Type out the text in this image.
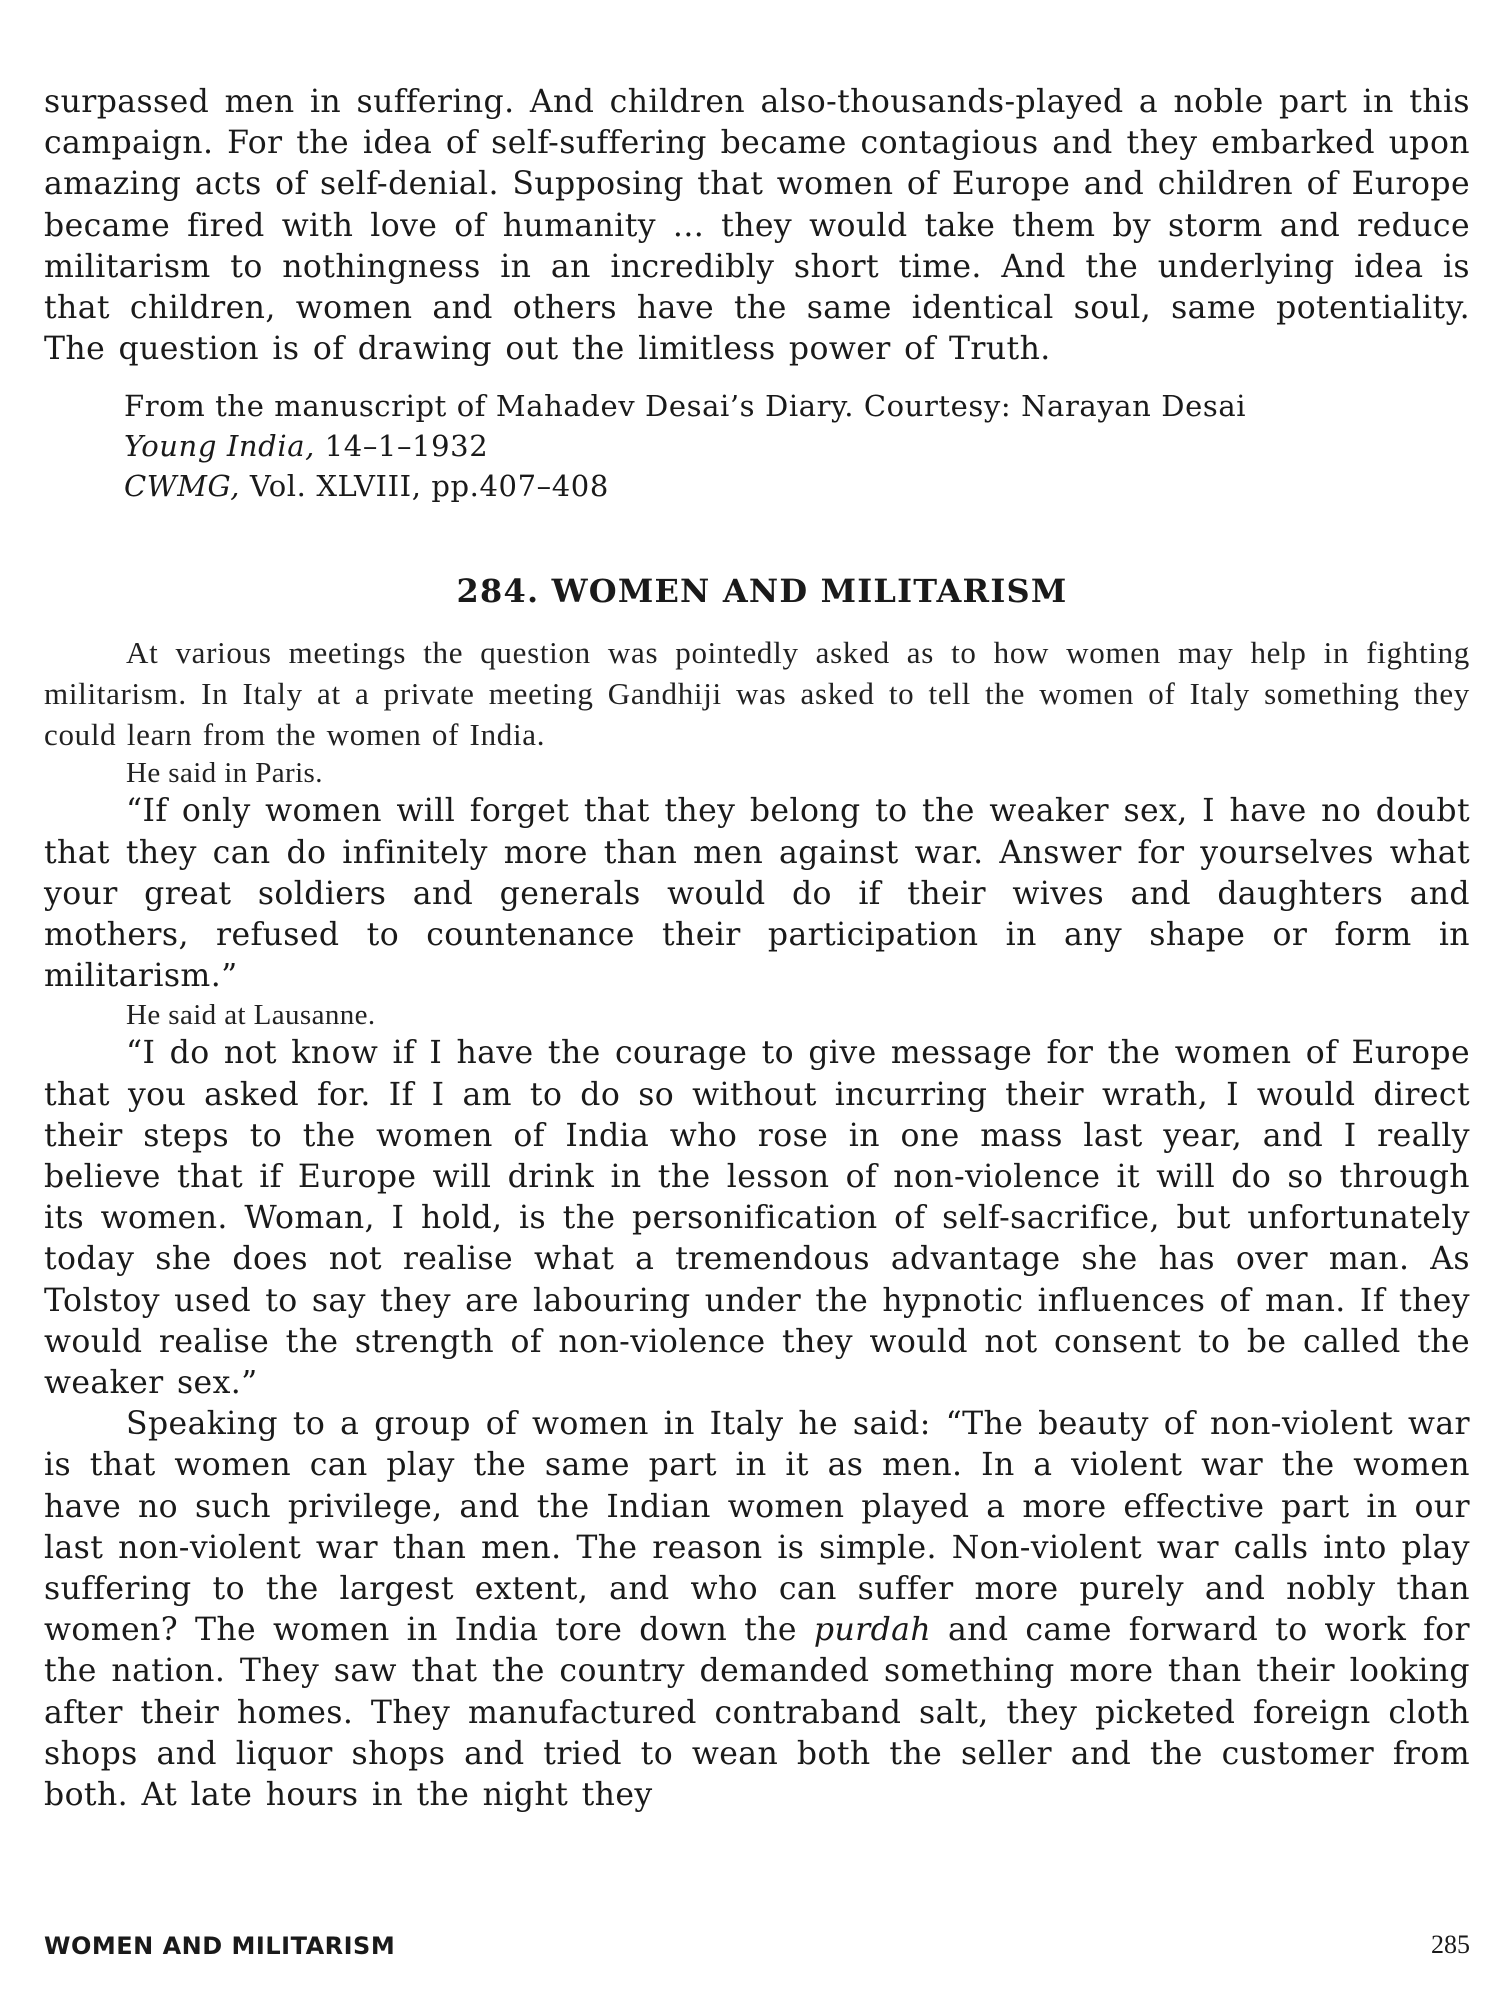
surpassed men in suffering. And children also-thousands-played a noble part in this campaign. For the idea of self-suffering became contagious and they embarked upon amazing acts of self-denial. Supposing that women of Europe and children of Europe became fired with love of humanity ... they would take them by storm and reduce militarism to nothingness in an incredibly short time. And the underlying idea is that children, women and others have the same identical soul, same potentiality. The question is of drawing out the limitless power of Truth.

From the manuscript of Mahadev Desai’s Diary. Courtesy: Narayan Desai

Young India, 14–1–1932

CWMG, Vol. XLVIII, pp.407–408

284. WOMEN AND MILITARISM

At various meetings the question was pointedly asked as to how women may help in fighting militarism. In Italy at a private meeting Gandhiji was asked to tell the women of Italy something they could learn from the women of India.

He said in Paris.

“If only women will forget that they belong to the weaker sex, I have no doubt that they can do infinitely more than men against war. Answer for yourselves what your great soldiers and generals would do if their wives and daughters and mothers, refused to countenance their participation in any shape or form in militarism.”

He said at Lausanne.

“I do not know if I have the courage to give message for the women of Europe that you asked for. If I am to do so without incurring their wrath, I would direct their steps to the women of India who rose in one mass last year, and I really believe that if Europe will drink in the lesson of non-violence it will do so through its women. Woman, I hold, is the personification of self-sacrifice, but unfortunately today she does not realise what a tremendous advantage she has over man. As Tolstoy used to say they are labouring under the hypnotic influences of man. If they would realise the strength of non-violence they would not consent to be called the weaker sex.”

Speaking to a group of women in Italy he said: “The beauty of non-violent war is that women can play the same part in it as men. In a violent war the women have no such privilege, and the Indian women played a more effective part in our last non-violent war than men. The reason is simple. Non-violent war calls into play suffering to the largest extent, and who can suffer more purely and nobly than women? The women in India tore down the purdah and came forward to work for the nation. They saw that the country demanded something more than their looking after their homes. They manufactured contraband salt, they picketed foreign cloth shops and liquor shops and tried to wean both the seller and the customer from both. At late hours in the night they

WOMEN AND MILITARISM	285
